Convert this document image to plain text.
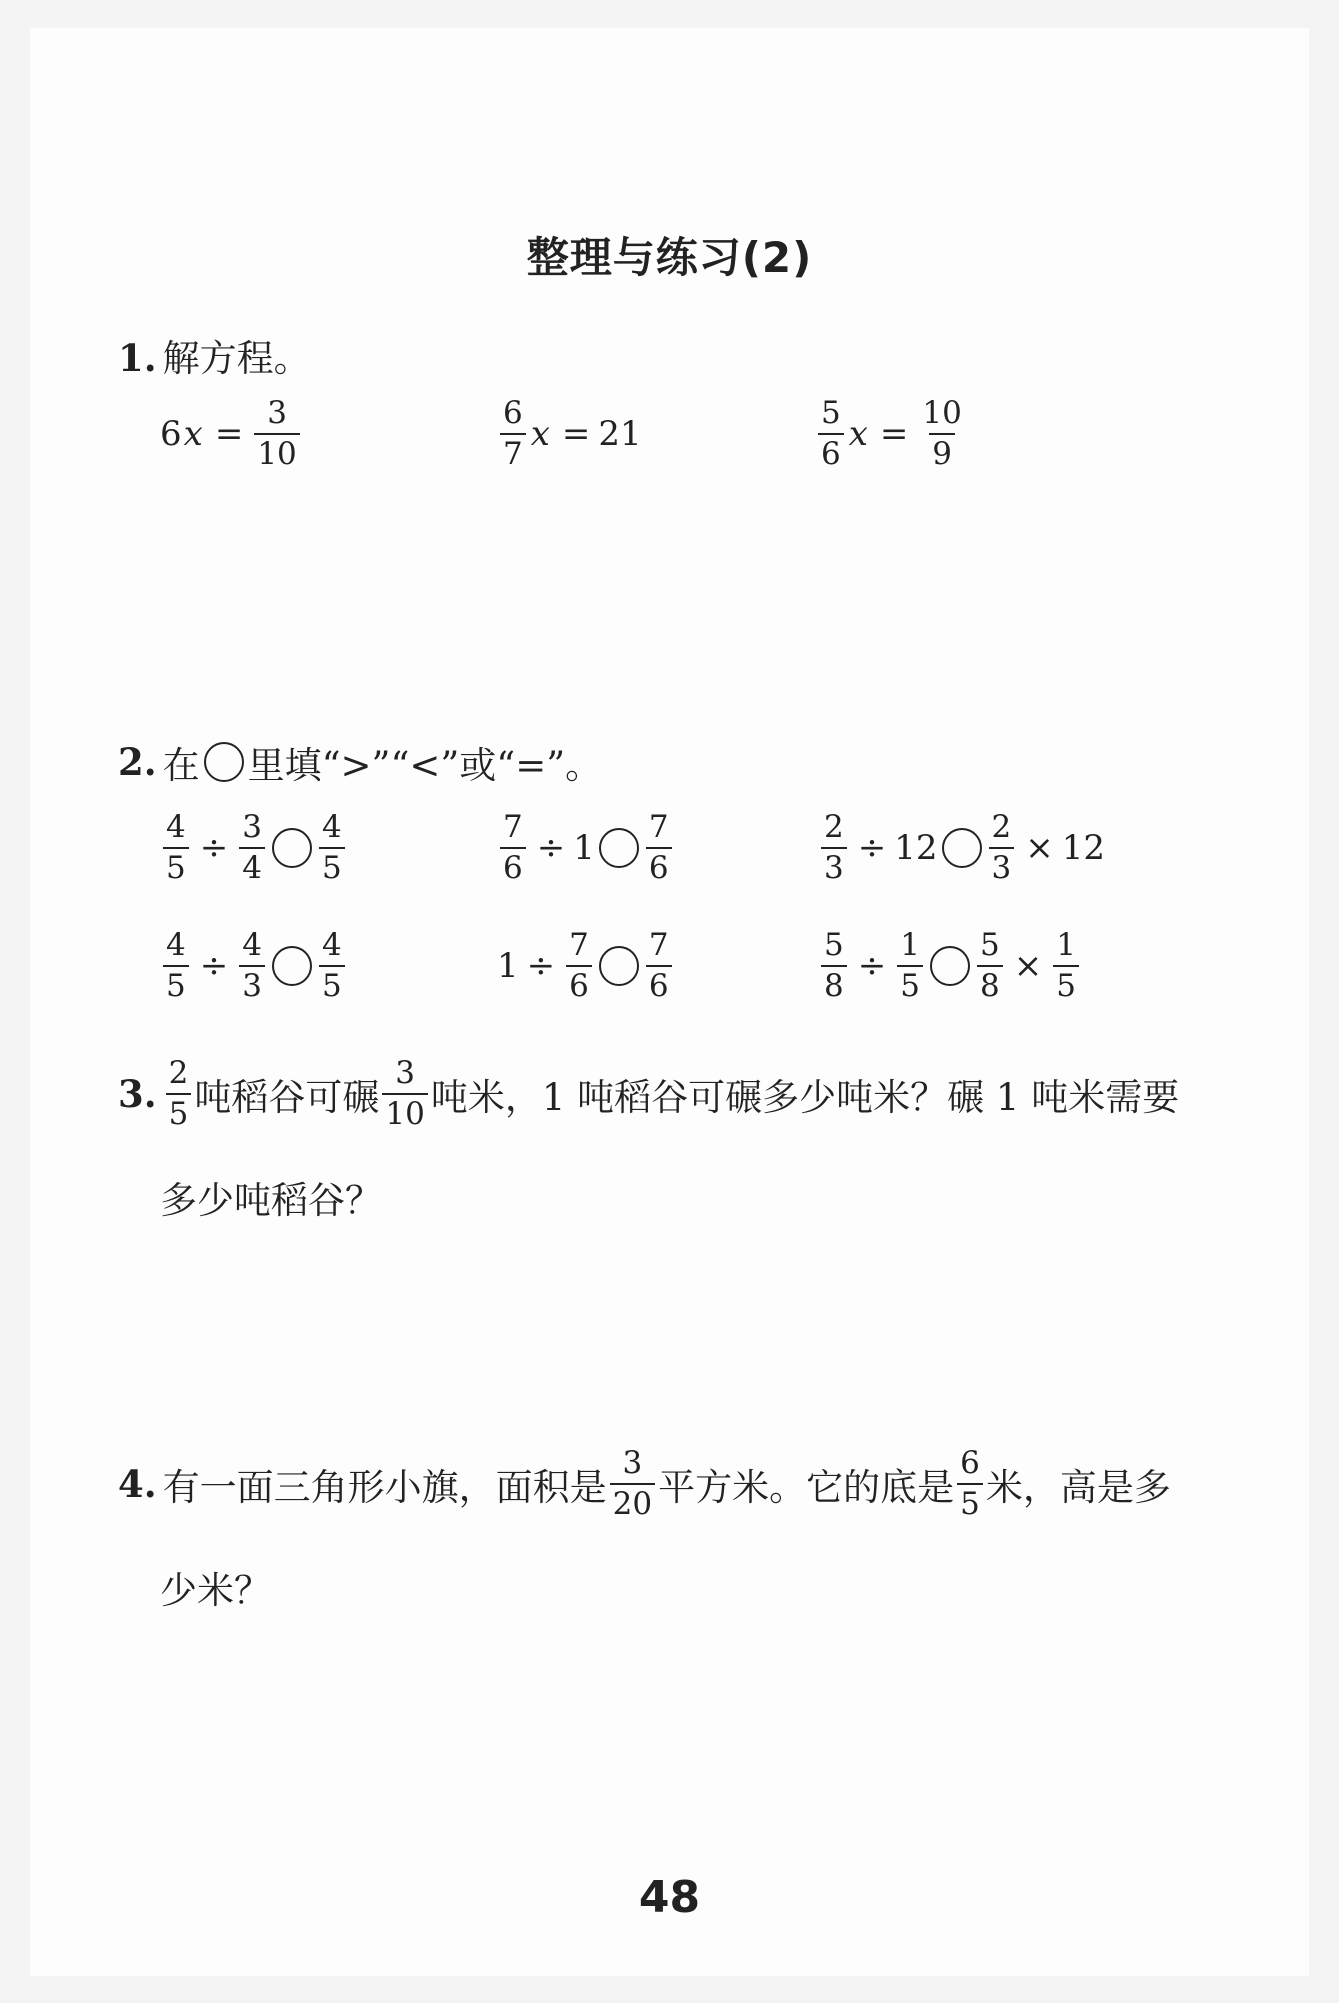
整理与练习(2)
1. 解方程。
6 $x = \frac{3}{10}$	$\frac{6}{7}$ x = 21	$\frac{5}{6}$ $x = \frac{10}{9}$
2. 在 里填“>”“<”或“=”。
$\frac{4}{5} \div \frac{3}{4} \frac{4}{5}$	$\frac{7}{6} \div 1 \frac{7}{6}$	$\frac{2}{3} \div 12 \frac{2}{3} \times 12$
$\frac{4}{5} \div \frac{4}{3} \frac{4}{5}$	$1 \div \frac{7}{6} \frac{7}{6}$	$\frac{5}{8} \div \frac{1}{5} \frac{5}{8} \times \frac{1}{5}$
3. $\frac{2}{5}$ 吨稻谷可碾 $\frac{3}{10}$ 吨米，1 吨稻谷可碾多少吨米？碾 1 吨米需要
多少吨稻谷？
4. 有一面三角形小旗，面积是 $\frac{3}{20}$ 平方米。它的底是 $\frac{6}{5}$ 米，高是多
少米？
48
